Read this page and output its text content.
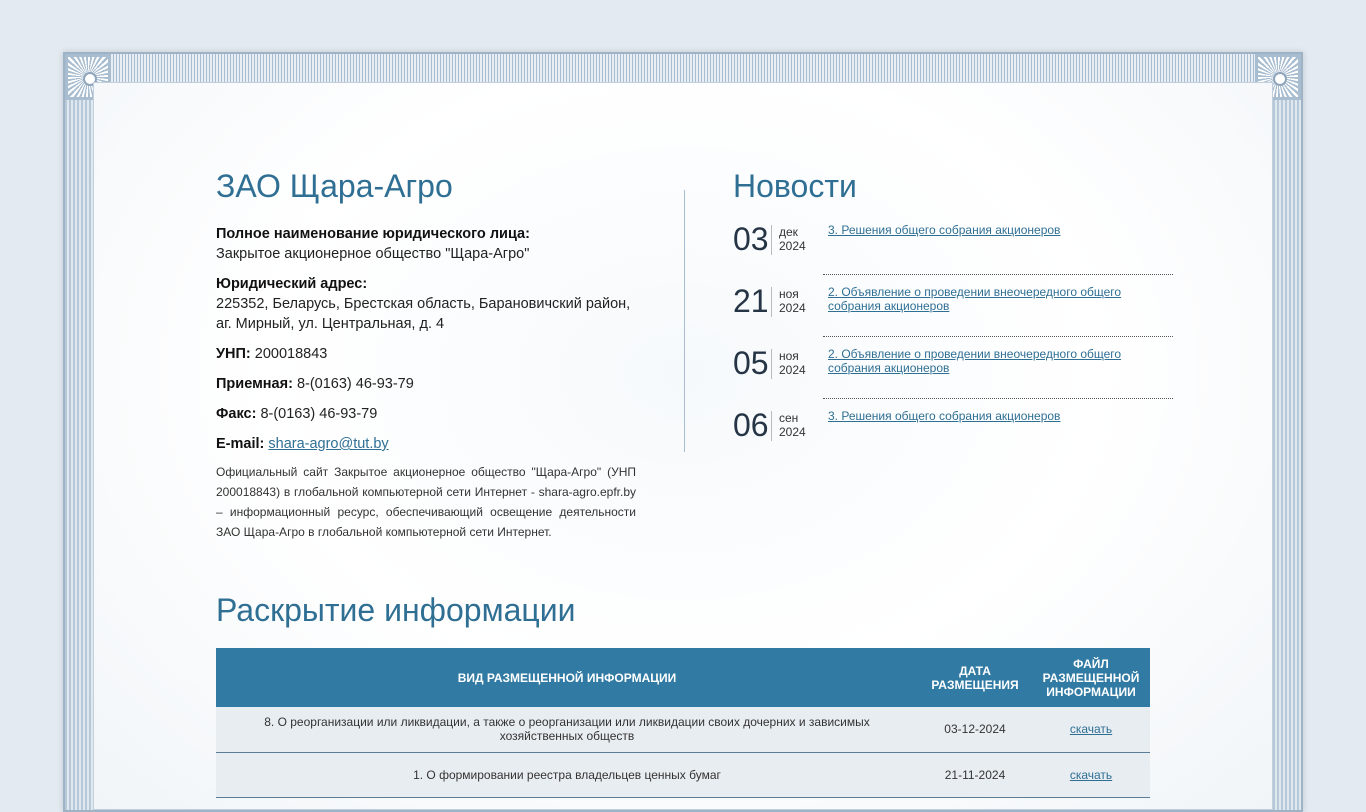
ЗАО Щара-Агро

Полное наименование юридического лица:
Закрытое акционерное общество "Щара-Агро"

Юридический адрес:
225352, Беларусь, Брестская область, Барановичский район, аг. Мирный, ул. Центральная, д. 4

УНП: 200018843

Приемная: 8-(0163) 46-93-79

Факс: 8-(0163) 46-93-79

E-mail: shara-agro@tut.by

Официальный сайт Закрытое акционерное общество "Щара-Агро" (УНП 200018843) в глобальной компьютерной сети Интернет - shara-agro.epfr.by – информационный ресурс, обеспечивающий освещение деятельности ЗАО Щара-Агро в глобальной компьютерной сети Интернет.

Новости
03 дек
2024
3. Решения общего собрания акционеров
21 ноя
2024
2. Объявление о проведении внеочередного общего собрания акционеров
05 ноя
2024
2. Объявление о проведении внеочередного общего собрания акционеров
06 сен
2024
3. Решения общего собрания акционеров
Раскрытие информации
ВИД РАЗМЕЩЕННОЙ ИНФОРМАЦИИ	ДАТА РАЗМЕЩЕНИЯ	ФАЙЛ РАЗМЕЩЕННОЙ ИНФОРМАЦИИ
8. О реорганизации или ликвидации, а также о реорганизации или ликвидации своих дочерних и зависимых хозяйственных обществ	03-12-2024	скачать
1. О формировании реестра владельцев ценных бумаг	21-11-2024	скачать
